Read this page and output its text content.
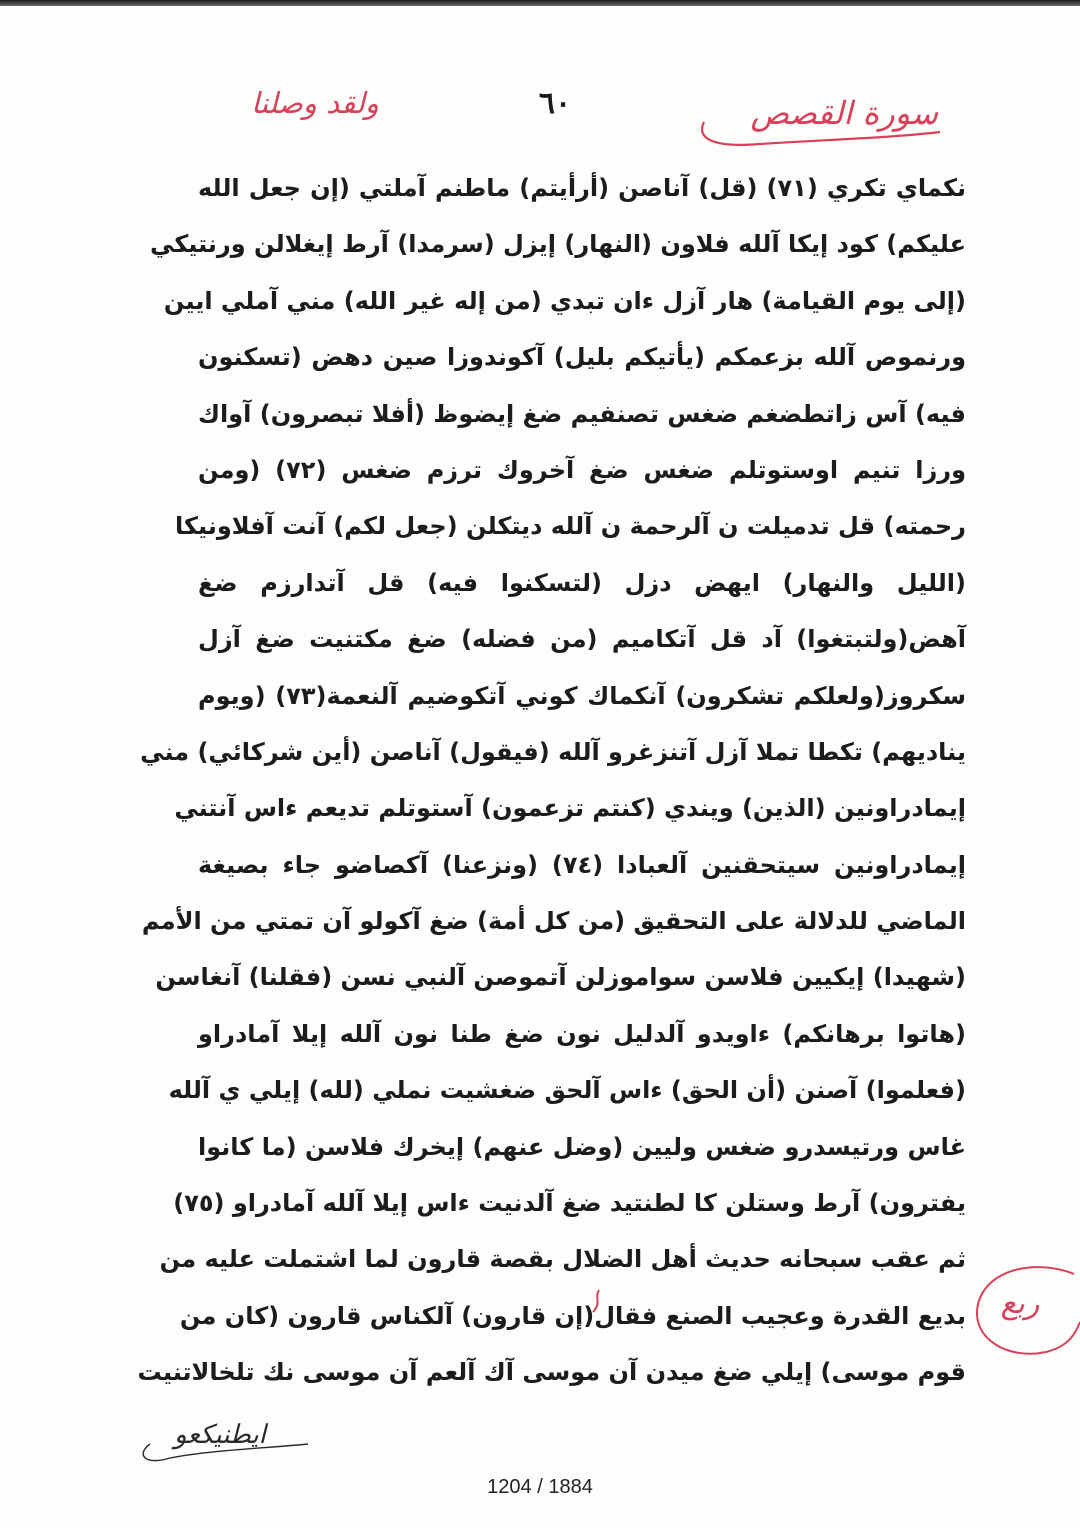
٦٠	سورة القصص
ولقد وصلنا
نكماي تكري (٧١) (قل) آناصن (أرأيتم) ماطنم آملتي (إن جعل الله
عليكم) كود إيكا آلله فلاون (النهار) إيزل (سرمدا) آرط إيغلالن ورنتيكي
(إلى يوم القيامة) هار آزل ءان تبدي (من إله غير الله) مني آملي ايين
ورنموص آلله بزعمكم (يأتيكم بليل) آكوندوزا صين دهض (تسكنون
فيه) آس زاتطضغم ضغس تصنفيم ضغ إيضوظ (أفلا تبصرون) آواك
ورزا تنيم اوستوتلم ضغس ضغ آخروك ترزم ضغس (٧٢) (ومن
رحمته) قل تدميلت ن آلرحمة ن آلله ديتكلن (جعل لكم) آنت آفلاونيكا
(الليل والنهار) ايهض دزل (لتسكنوا فيه) قل آتدارزم ضغ
آهض(ولتبتغوا) آد قل آتكاميم (من فضله) ضغ مكتنيت ضغ آزل
سكروز(ولعلكم تشكرون) آنكماك كوني آتكوضيم آلنعمة(٧٣) (ويوم
يناديهم) تكطا تملا آزل آتنزغرو آلله (فيقول) آناصن (أين شركائي) مني
إيمادراونين (الذين) ويندي (كنتم تزعمون) آستوتلم تديعم ءاس آنتني
إيمادراونين سيتحقنين آلعبادا (٧٤) (ونزعنا) آكصاضو جاء بصيغة
الماضي للدلالة على التحقيق (من كل أمة) ضغ آكولو آن تمتي من الأمم
(شهيدا) إيكيين فلاسن سواموزلن آتموصن آلنبي نسن (فقلنا) آنغاسن
(هاتوا برهانكم) ءاويدو آلدليل نون ضغ طنا نون آلله إيلا آمادراو
(فعلموا) آصنن (أن الحق) ءاس آلحق ضغشيت نملي (لله) إيلي ي آلله
غاس ورتيسدرو ضغس وليين (وضل عنهم) إيخرك فلاسن (ما كانوا
يفترون) آرط وستلن كا لطنتيد ضغ آلدنيت ءاس إيلا آلله آمادراو (٧٥)
ثم عقب سبحانه حديث أهل الضلال بقصة قارون لما اشتملت عليه من
بديع القدرة وعجيب الصنع فقال(إن قارون) آلكناس قارون (كان من
قوم موسى) إيلي ضغ ميدن آن موسى آك آلعم آن موسى نك تلخالاتنيت
ربع
ايطنيكعو
1204 / 1884
